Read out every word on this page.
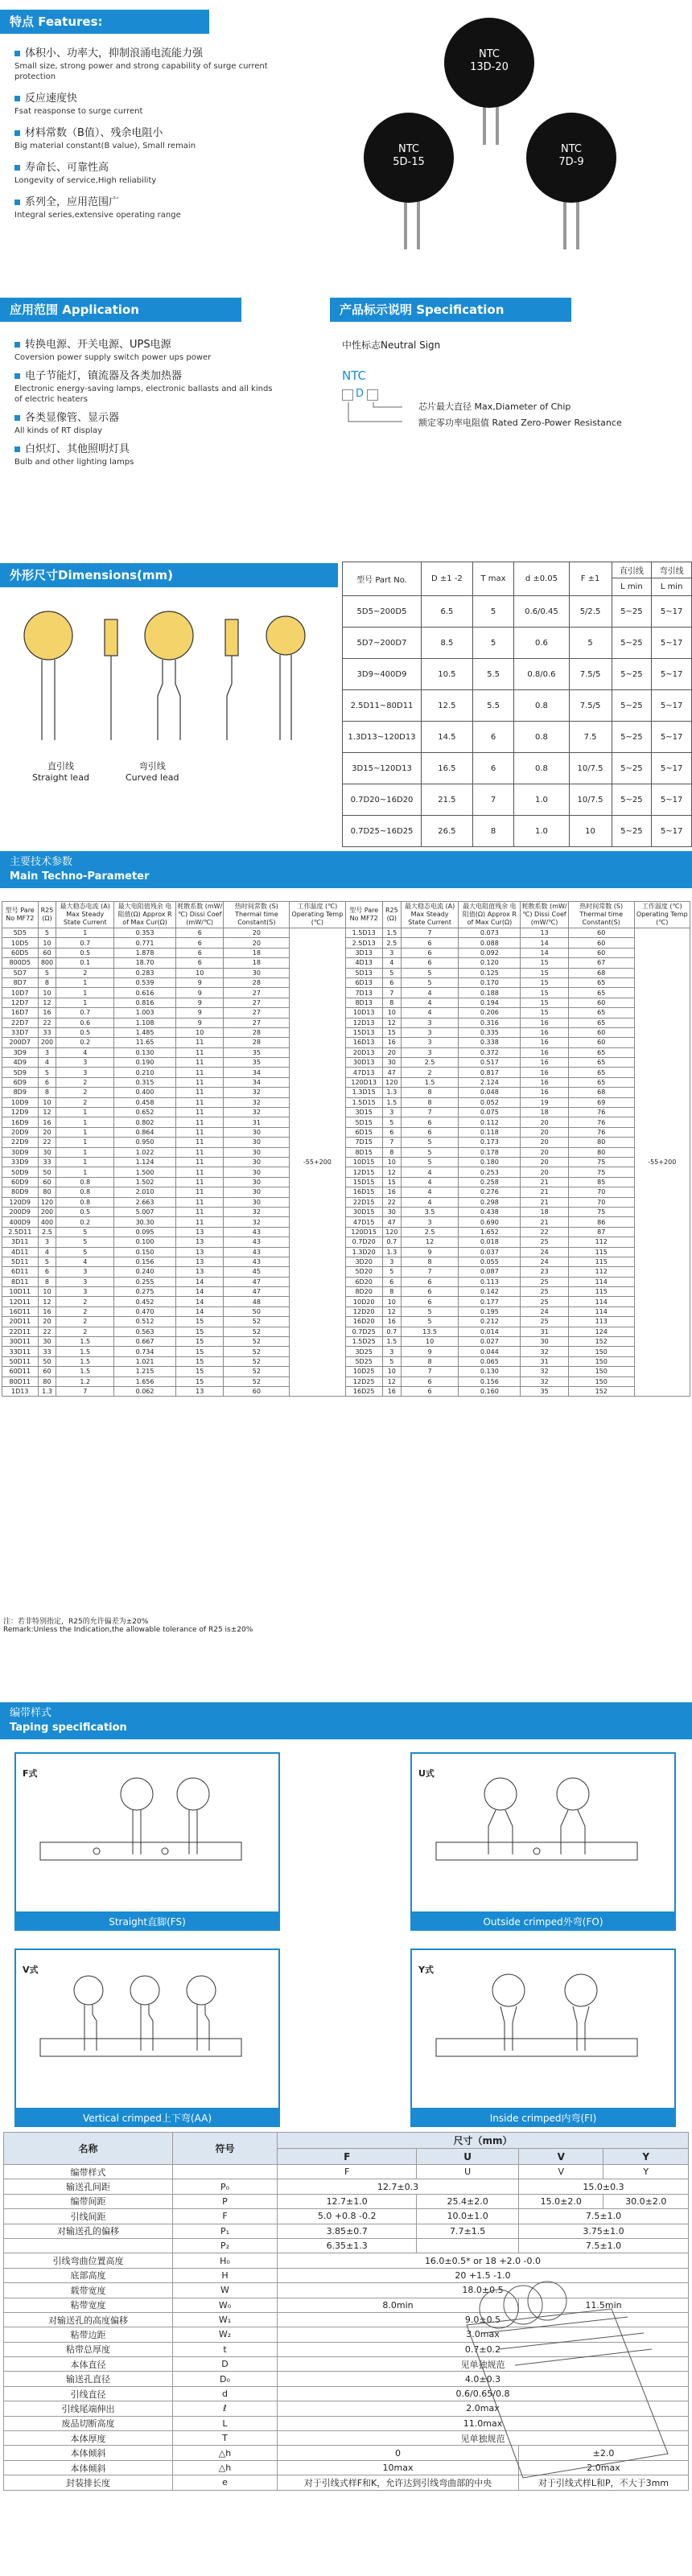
特点 Features:
体积小、功率大，抑制浪涌电流能力强
Small size, strong power and strong capability of surge current protection
反应速度快
Fsat reasponse to surge current
材料常数（B值）、残余电阻小
Big material constant(B value), Small remain
寿命长、可靠性高
Longevity of service,High reliability
系列全，应用范围广
Integral series,extensive operating range
NTC
13D-20
NTC
5D-15
NTC
7D-9
应用范围 Application
转换电源、开关电源、UPS电源
Coversion power supply switch power ups power
电子节能灯，镇流器及各类加热器
Electronic energy-saving lamps, electronic ballasts and all kinds of electric heaters
各类显像管、显示器
All kinds of RT display
白炽灯、其他照明灯具
Bulb and other lighting lamps
产品标示说明 Specification
中性标志Neutral Sign
NTC
D
芯片最大直径 Max,Diameter of Chip
额定零功率电阻值 Rated Zero-Power Resistance
外形尺寸Dimensions(mm)
直引线
Straight lead
弯引线
Curved lead
型号 Part No.	D ±1 -2	T max	d ±0.05	F ±1	直引线	弯引线
					L min	L min
5D5~200D5	6.5	5	0.6/0.45	5/2.5	5~25	5~17
5D7~200D7	8.5	5	0.6	5	5~25	5~17
3D9~400D9	10.5	5.5	0.8/0.6	7.5/5	5~25	5~17
2.5D11~80D11	12.5	5.5	0.8	7.5/5	5~25	5~17
1.3D13~120D13	14.5	6	0.8	7.5	5~25	5~17
3D15~120D13	16.5	6	0.8	10/7.5	5~25	5~17
0.7D20~16D20	21.5	7	1.0	10/7.5	5~25	5~17
0.7D25~16D25	26.5	8	1.0	10	5~25	5~17
主要技术参数
Main Techno-Parameter
型号 Pare No MF72	R25 (Ω)	最大稳态电流 (A) Max Steady State Current	最大电阻值残余 电阻值(Ω) Approx R of Max Cur(Ω)	耗散系数 (mW/℃) Dissi Coef (mW/℃)	热时间常数 (S) Thermal time Constant(S)	工作温度 (℃) Operating Temp (℃)	型号 Pare No MF72	R25 (Ω)	最大稳态电流 (A) Max Steady State Current	最大电阻值残余 电阻值(Ω) Approx R of Max Cur(Ω)	耗散系数 (mW/℃) Dissi Coef (mW/℃)	热时间常数 (S) Thermal time Constant(S)	工作温度 (℃) Operating Temp (℃)
5D5	5	1	0.353	6	20	-55+200	1.5D13	1.5	7	0.073	13	60	-55+200
10D5	10	0.7	0.771	6	20		2.5D13	2.5	6	0.088	14	60	
60D5	60	0.5	1.878	6	18		3D13	3	6	0.092	14	60	
800D5	800	0.1	18.70	6	18		4D13	4	6	0.120	15	67	
5D7	5	2	0.283	10	30		5D13	5	5	0.125	15	68	
8D7	8	1	0.539	9	28		6D13	6	5	0.170	15	65	
10D7	10	1	0.616	9	27		7D13	7	4	0.188	15	65	
12D7	12	1	0.816	9	27		8D13	8	4	0.194	15	60	
16D7	16	0.7	1.003	9	27		10D13	10	4	0.206	15	65	
22D7	22	0.6	1.108	9	27		12D13	12	3	0.316	16	65	
33D7	33	0.5	1.485	10	28		15D13	15	3	0.335	16	60	
200D7	200	0.2	11.65	11	28		16D13	16	3	0.338	16	60	
3D9	3	4	0.130	11	35		20D13	20	3	0.372	16	65	
4D9	4	3	0.190	11	35		30D13	30	2.5	0.517	16	65	
5D9	5	3	0.210	11	34		47D13	47	2	0.817	16	65	
6D9	6	2	0.315	11	34		120D13	120	1.5	2.124	16	65	
8D9	8	2	0.400	11	32		1.3D15	1.3	8	0.048	16	68	
10D9	10	2	0.458	11	32		1.5D15	1.5	8	0.052	19	69	
12D9	12	1	0.652	11	32		3D15	3	7	0.075	18	76	
16D9	16	1	0.802	11	31		5D15	5	6	0.112	20	76	
20D9	20	1	0.864	11	30		6D15	6	6	0.118	20	76	
22D9	22	1	0.950	11	30		7D15	7	5	0.173	20	80	
30D9	30	1	1.022	11	30		8D15	8	5	0.178	20	80	
33D9	33	1	1.124	11	30		10D15	10	5	0.180	20	75	
50D9	50	1	1.500	11	30		12D15	12	4	0.253	20	75	
60D9	60	0.8	1.502	11	30		15D15	15	4	0.258	21	85	
80D9	80	0.8	2.010	11	30		16D15	16	4	0.276	21	70	
120D9	120	0.8	2.663	11	30		22D15	22	4	0.298	21	70	
200D9	200	0.5	5.007	11	32		30D15	30	3.5	0.438	18	75	
400D9	400	0.2	30.30	11	32		47D15	47	3	0.690	21	86	
2.5D11	2.5	5	0.095	13	43		120D15	120	2.5	1.652	22	87	
3D11	3	5	0.100	13	43		0.7D20	0.7	12	0.018	25	112	
4D11	4	5	0.150	13	43		1.3D20	1.3	9	0.037	24	115	
5D11	5	4	0.156	13	43		3D20	3	8	0.055	24	115	
6D11	6	3	0.240	13	45		5D20	5	7	0.087	23	112	
8D11	8	3	0.255	14	47		6D20	6	6	0.113	25	114	
10D11	10	3	0.275	14	47		8D20	8	6	0.142	25	115	
12D11	12	2	0.452	14	48		10D20	10	6	0.177	25	114	
16D11	16	2	0.470	14	50		12D20	12	5	0.195	24	114	
20D11	20	2	0.512	15	52		16D20	16	5	0.212	25	113	
22D11	22	2	0.563	15	52		0.7D25	0.7	13.5	0.014	31	124	
30D11	30	1.5	0.667	15	52		1.5D25	1.5	10	0.027	30	152	
33D11	33	1.5	0.734	15	52		3D25	3	9	0.044	32	150	
50D11	50	1.5	1.021	15	52		5D25	5	8	0.065	31	150	
60D11	60	1.5	1.215	15	52		10D25	10	7	0.130	32	150	
80D11	80	1.2	1.656	15	52		12D25	12	6	0.156	32	150	
1D13	1.3	7	0.062	13	60		16D25	16	6	0.160	35	152	
注：若非特别指定，R25的允许偏差为±20%
Remark:Unless the Indication,the allowable tolerance of R25 is±20%
编带样式
Taping specification
F式
Straight直脚(FS)
U式
Outside crimped外弯(FO)
V式
Vertical crimped上下弯(AA)
Y式
Inside crimped内弯(FI)
名称	符号	尺寸（mm）			
		F	U	V	Y
编带样式		F	U	V	Y
输送孔间距	P₀	12.7±0.3		15.0±0.3	
编带间距	P	12.7±1.0	25.4±2.0	15.0±2.0	30.0±2.0
引线间距	F	5.0 +0.8 -0.2	10.0±1.0	7.5±1.0	
对输送孔的偏移	P₁	3.85±0.7	7.7±1.5	3.75±1.0	
	P₂	6.35±1.3		7.5±1.0	
引线弯曲位置高度	H₀	16.0±0.5* or 18 +2.0 -0.0			
底部高度	H	20 +1.5 -1.0			
载带宽度	W	18.0±0.5			
粘带宽度	W₀	8.0min		11.5min	
对输送孔的高度偏移	W₁	9.0±0.5			
粘带边距	W₂	3.0max			
粘带总厚度	t	0.7±0.2			
本体直径	D	见单独规范			
输送孔直径	D₀	4.0±0.3			
引线直径	d	0.6/0.65/0.8			
引线尾端伸出	ℓ	2.0max			
废品切断高度	L	11.0max			
本体厚度	T	见单独规范			
本体倾斜	△h	0		±2.0	
本体倾斜	△h	10max		2.0max	
封装排长度	e	对于引线式样F和K，允许达到引线弯曲部的中央		对于引线式样L和P，不大于3mm	
